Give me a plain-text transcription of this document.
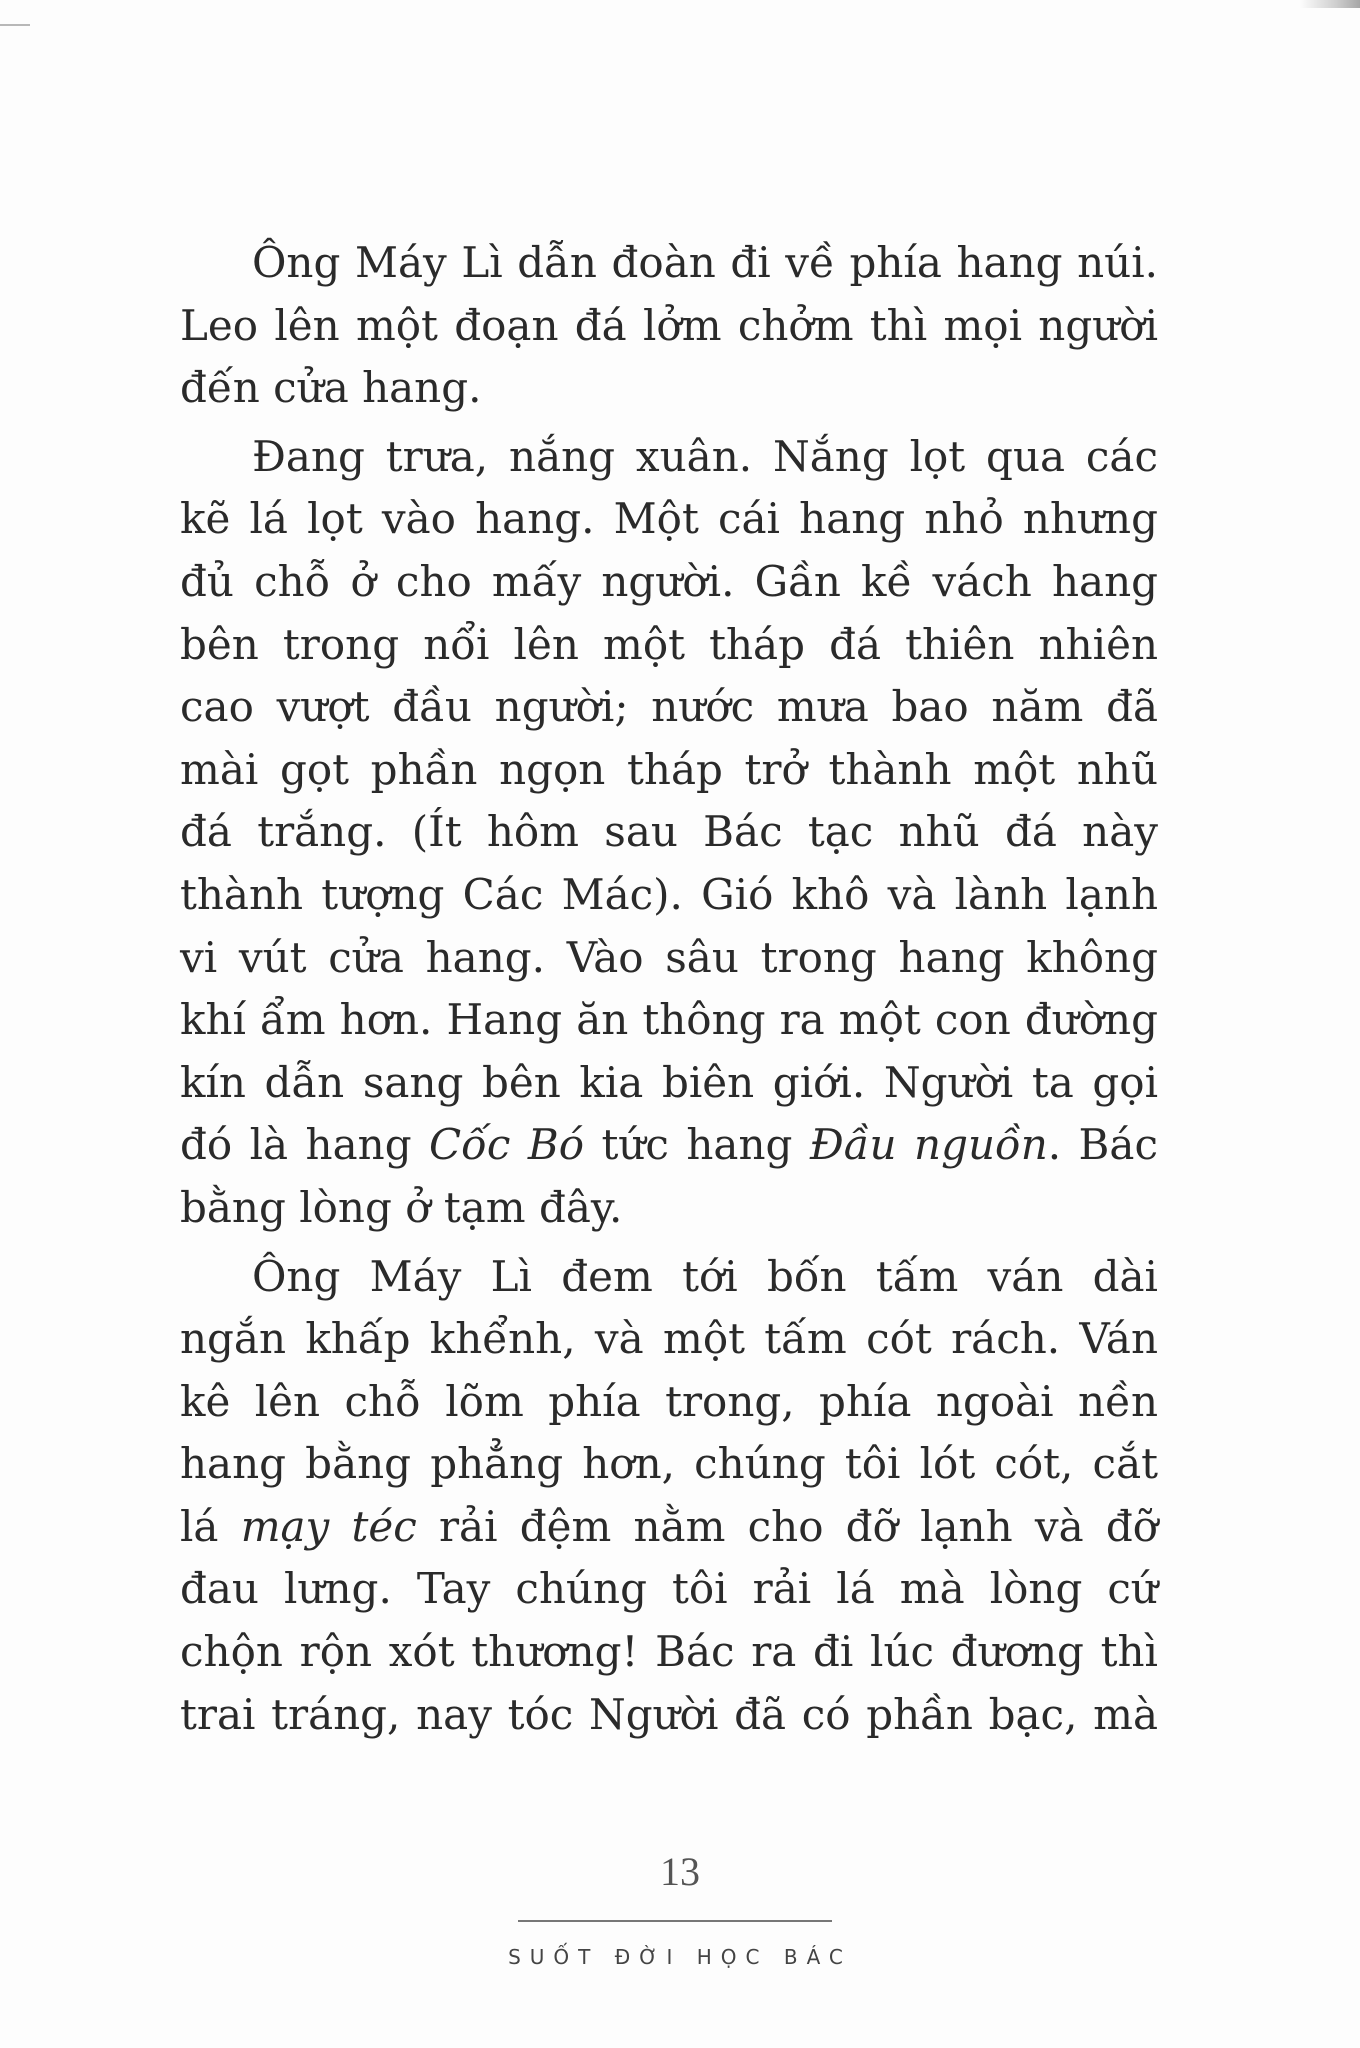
Ông Máy Lì dẫn đoàn đi về phía hang núi.
Leo lên một đoạn đá lởm chởm thì mọi người
đến cửa hang.

Đang trưa, nắng xuân. Nắng lọt qua các
kẽ lá lọt vào hang. Một cái hang nhỏ nhưng
đủ chỗ ở cho mấy người. Gần kề vách hang
bên trong nổi lên một tháp đá thiên nhiên
cao vượt đầu người; nước mưa bao năm đã
mài gọt phần ngọn tháp trở thành một nhũ
đá trắng. (Ít hôm sau Bác tạc nhũ đá này
thành tượng Các Mác). Gió khô và lành lạnh
vi vút cửa hang. Vào sâu trong hang không
khí ẩm hơn. Hang ăn thông ra một con đường
kín dẫn sang bên kia biên giới. Người ta gọi
đó là hang Cốc Bó tức hang Đầu nguồn. Bác
bằng lòng ở tạm đây.

Ông Máy Lì đem tới bốn tấm ván dài
ngắn khấp khểnh, và một tấm cót rách. Ván
kê lên chỗ lõm phía trong, phía ngoài nền
hang bằng phẳng hơn, chúng tôi lót cót, cắt
lá mạy téc rải đệm nằm cho đỡ lạnh và đỡ
đau lưng. Tay chúng tôi rải lá mà lòng cứ
chộn rộn xót thương! Bác ra đi lúc đương thì
trai tráng, nay tóc Người đã có phần bạc, mà

13
SUỐT ĐỜI HỌC BÁC
